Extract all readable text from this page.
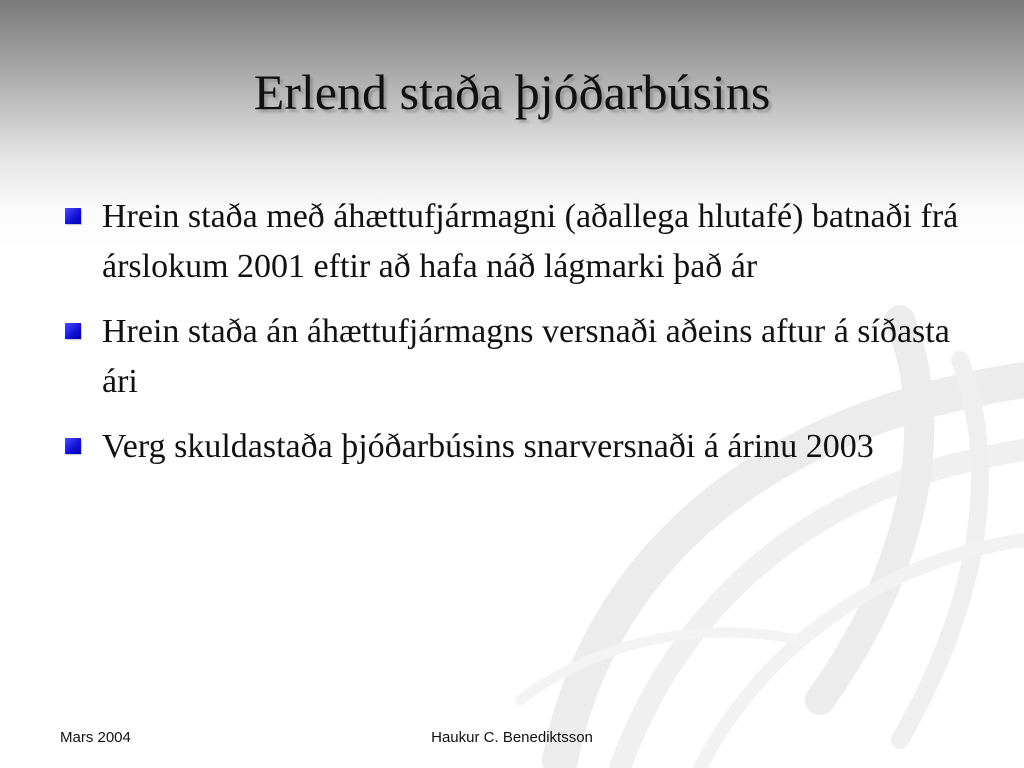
Erlend staða þjóðarbúsins
Hrein staða með áhættufjármagni (aðallega hlutafé) batnaði frá árslokum 2001 eftir að hafa náð lágmarki það ár
Hrein staða án áhættufjármagns versnaði aðeins aftur á síðasta ári
Verg skuldastaða þjóðarbúsins snarversnaði á árinu 2003
Mars 2004	Haukur C. Benediktsson
